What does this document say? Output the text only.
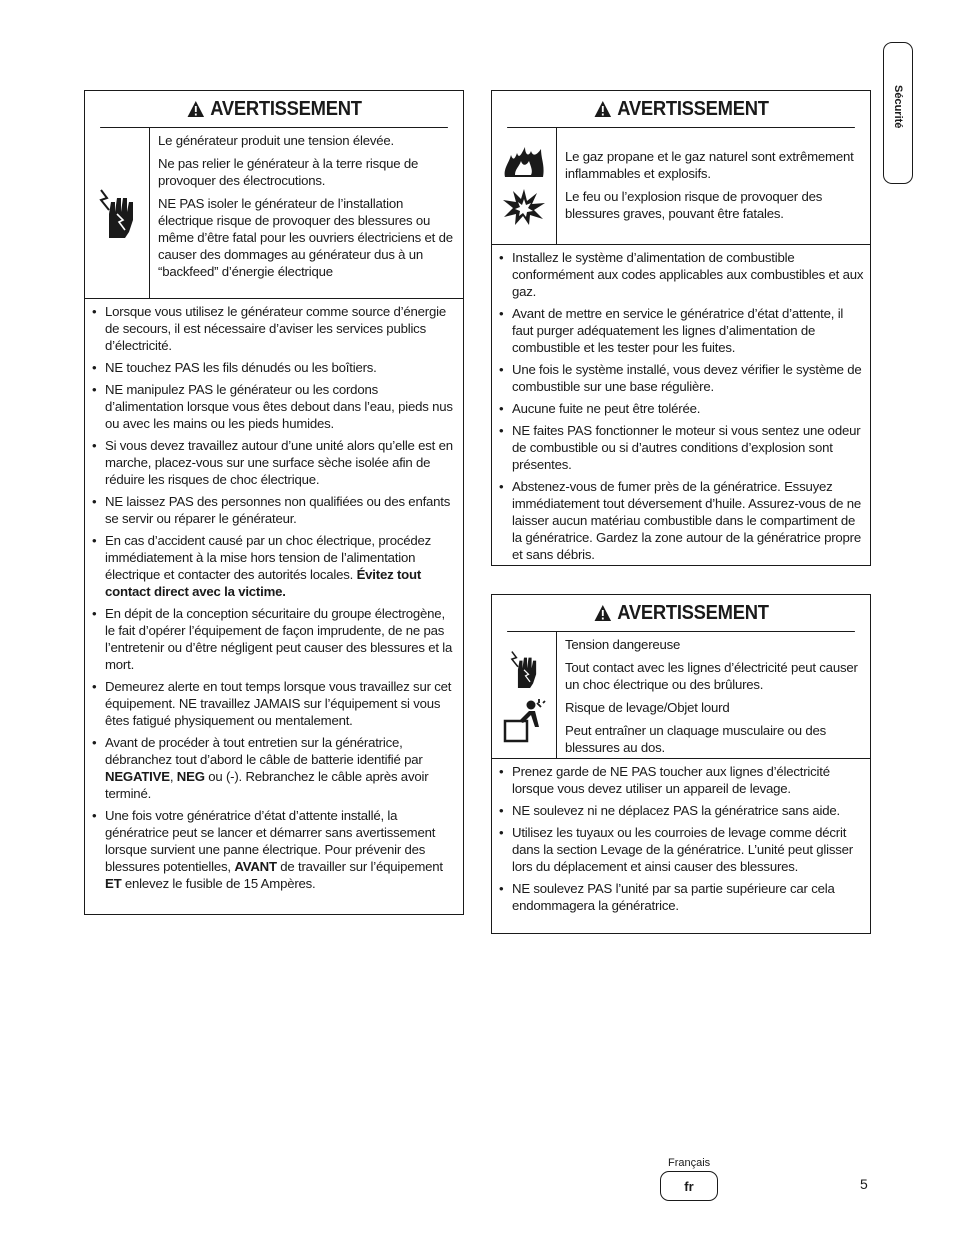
Sécurité
AVERTISSEMENT

Le générateur produit une tension élevée.

Ne pas relier le générateur à la terre risque de provoquer des électrocutions.

NE PAS isoler le générateur de l’installation électrique risque de provoquer des blessures ou même d’être fatal pour les ouvriers électriciens et de causer des dommages au générateur dus à un “backfeed” d’énergie électrique

• Lorsque vous utilisez le générateur comme source d’énergie de secours, il est nécessaire d’aviser les services publics d’électricité.
• NE touchez PAS les fils dénudés ou les boîtiers.
• NE manipulez PAS le générateur ou les cordons d’alimentation lorsque vous êtes debout dans l’eau, pieds nus ou avec les mains ou les pieds humides.
• Si vous devez travaillez autour d’une unité alors qu’elle est en marche, placez-vous sur une surface sèche isolée afin de réduire les risques de choc électrique.
• NE laissez PAS des personnes non qualifiées ou des enfants se servir ou réparer le générateur.
• En cas d’accident causé par un choc électrique, procédez immédiatement à la mise hors tension de l’alimentation électrique et contacter des autorités locales. Évitez tout contact direct avec la victime.
• En dépit de la conception sécuritaire du groupe électrogène, le fait d’opérer l’équipement de façon imprudente, de ne pas l’entretenir ou d’être négligent peut causer des blessures et la mort.
• Demeurez alerte en tout temps lorsque vous travaillez sur cet équipement. NE travaillez JAMAIS sur l’équipement si vous êtes fatigué physiquement ou mentalement.
• Avant de procéder à tout entretien sur la génératrice, débranchez tout d’abord le câble de batterie identifié par NEGATIVE, NEG ou (-). Rebranchez le câble après avoir terminé.
• Une fois votre génératrice d’état d’attente installé, la génératrice peut se lancer et démarrer sans avertissement lorsque survient une panne électrique. Pour prévenir des blessures potentielles, AVANT de travailler sur l’équipement ET enlevez le fusible de 15 Ampères.
AVERTISSEMENT

Le gaz propane et le gaz naturel sont extrêmement inflammables et explosifs.

Le feu ou l’explosion risque de provoquer des blessures graves, pouvant être fatales.

• Installez le système d’alimentation de combustible conformément aux codes applicables aux combustibles et aux gaz.
• Avant de mettre en service le génératrice d’état d’attente, il faut purger adéquatement les lignes d’alimentation de combustible et les tester pour les fuites.
• Une fois le système installé, vous devez vérifier le système de combustible sur une base régulière.
• Aucune fuite ne peut être tolérée.
• NE faites PAS fonctionner le moteur si vous sentez une odeur de combustible ou si d’autres conditions d’explosion sont présentes.
• Abstenez-vous de fumer près de la génératrice. Essuyez immédiatement tout déversement d’huile. Assurez-vous de ne laisser aucun matériau combustible dans le compartiment de la génératrice. Gardez la zone autour de la génératrice propre et sans débris.
AVERTISSEMENT

Tension dangereuse

Tout contact avec les lignes d’électricité peut causer un choc électrique ou des brûlures.

Risque de levage/Objet lourd

Peut entraîner un claquage musculaire ou des blessures au dos.

• Prenez garde de NE PAS toucher aux lignes d’électricité lorsque vous devez utiliser un appareil de levage.
• NE soulevez ni ne déplacez PAS la génératrice sans aide.
• Utilisez les tuyaux ou les courroies de levage comme décrit dans la section Levage de la génératrice. L’unité peut glisser lors du déplacement et ainsi causer des blessures.
• NE soulevez PAS l’unité par sa partie supérieure car cela endommagera la génératrice.
Français
fr	5
